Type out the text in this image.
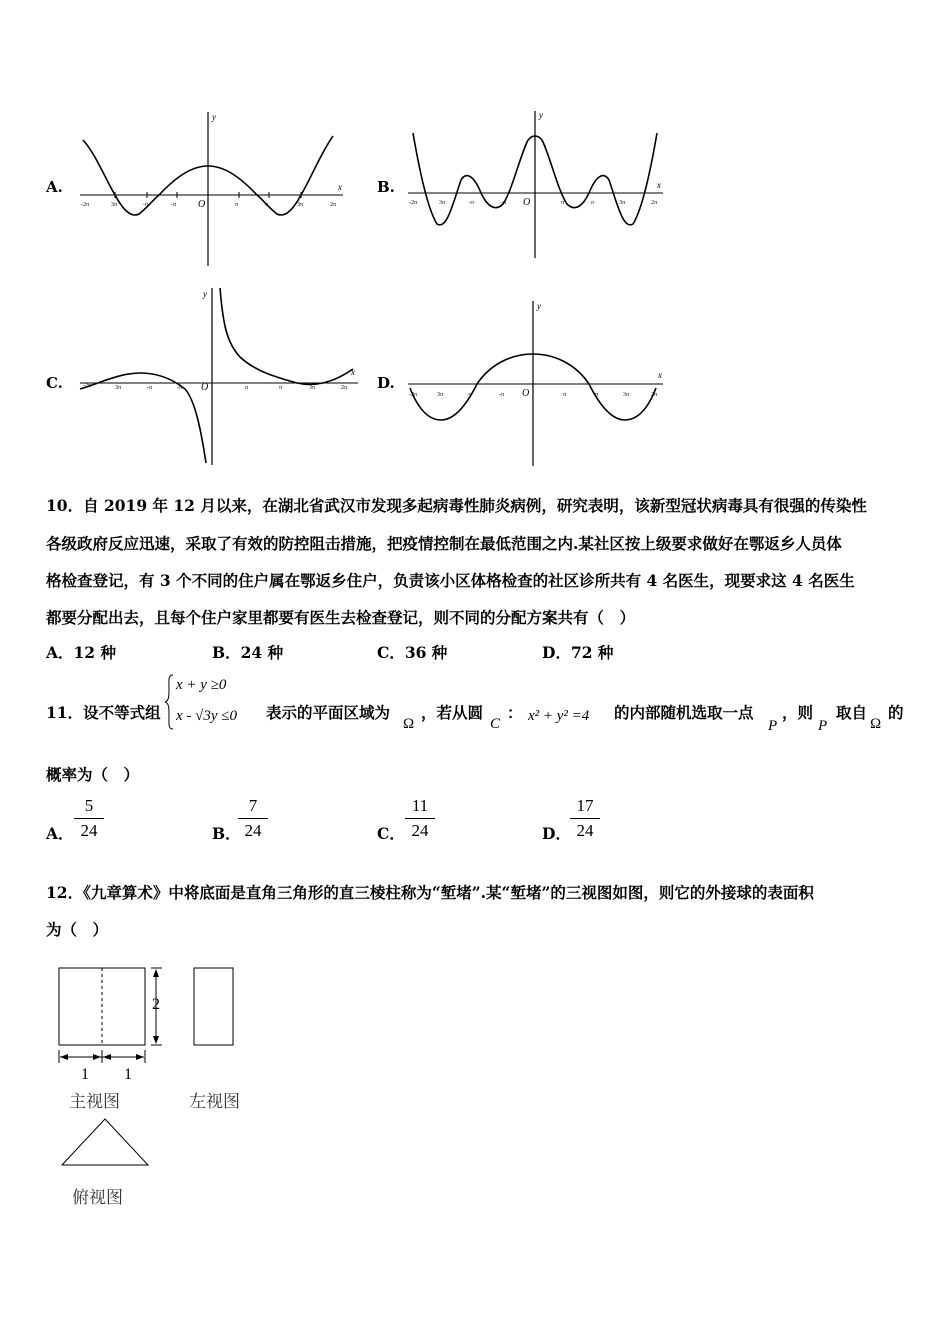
A.
y
x
O
-2π	3π	-π	-π	π	π	3π	2π
B.
y
x
O
-2π	3π	-π	-π	π	π	3π	2π
C.
y
x
O
-2π	3π	-π	-π	π	π	3π	2π D.
y
x
O
-2π	3π	-π	-π	π	π	3π	2π
10．自 2019 年 12 月以来，在湖北省武汉市发现多起病毒性肺炎病例，研究表明，该新型冠状病毒具有很强的传染性
各级政府反应迅速，采取了有效的防控阻击措施，把疫情控制在最低范围之内.某社区按上级要求做好在鄂返乡人员体
格检查登记，有 3 个不同的住户属在鄂返乡住户，负责该小区体格检查的社区诊所共有 4 名医生，现要求这 4 名医生
都要分配出去，且每个住户家里都要有医生去检查登记，则不同的分配方案共有（　）
A．12 种	B．24 种	C．36 种	D．72 种
11．设不等式组
x + y ≥0
x - √3y ≤0 表示的平面区域为
Ω
，若从圆
C
： x² + y² =4 的内部随机选取一点
P
，则
P
取自
Ω
的
概率为（　）
A．
5
24	B．
7
24	C．
11
24	D．
17
24
12．《九章算术》中将底面是直角三角形的直三棱柱称为“堑堵”.某“堑堵”的三视图如图，则它的外接球的表面积
为（　）
2
1 1
主视图	左视图
俯视图
